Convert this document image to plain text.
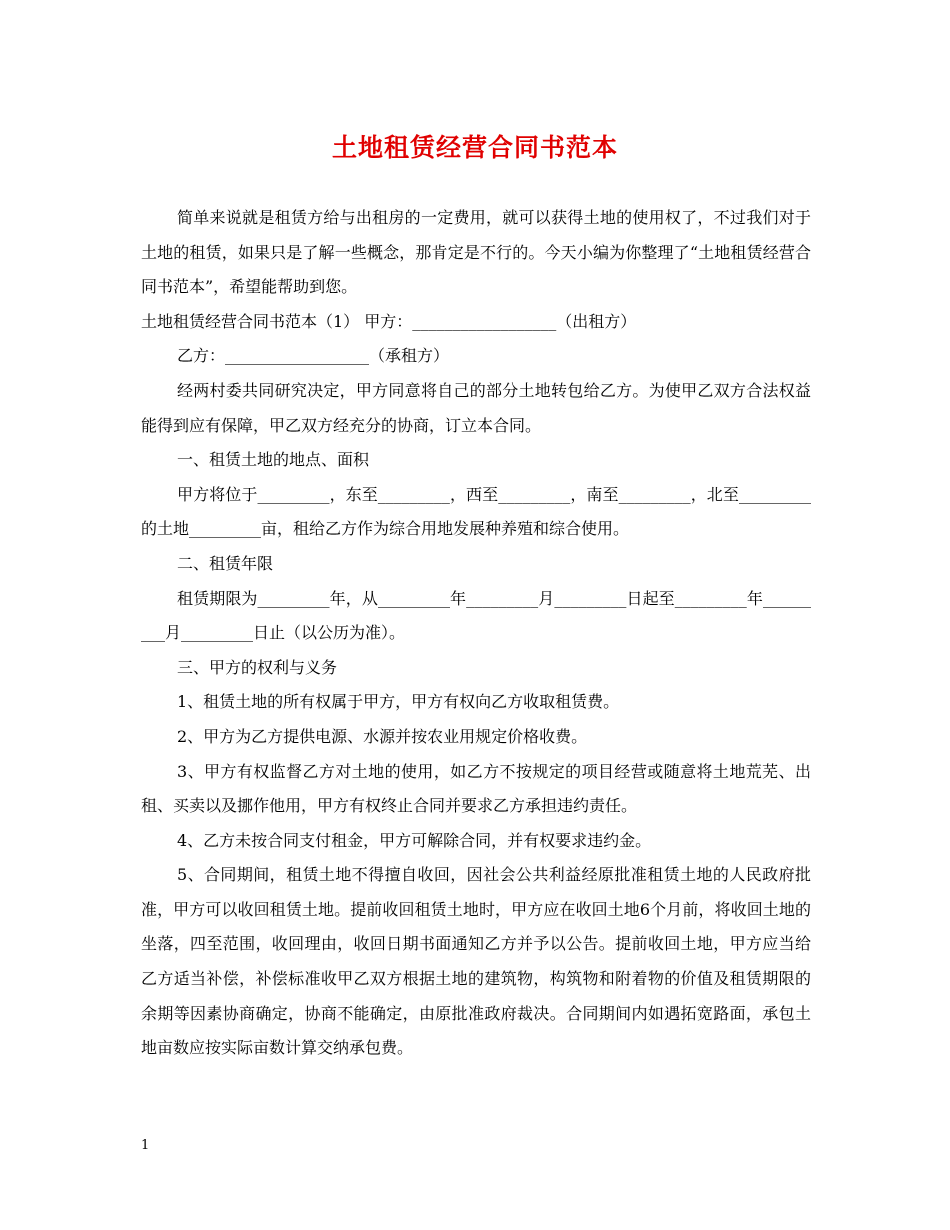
土地租赁经营合同书范本

简单来说就是租赁方给与出租房的一定费用，就可以获得土地的使用权了，不过我们对于土地的租赁，如果只是了解一些概念，那肯定是不行的。今天小编为你整理了“土地租赁经营合同书范本”，希望能帮助到您。

土地租赁经营合同书范本（1） 甲方：__________________（出租方）

乙方：__________________（承租方）

经两村委共同研究决定，甲方同意将自己的部分土地转包给乙方。为使甲乙双方合法权益能得到应有保障，甲乙双方经充分的协商，订立本合同。

一、租赁土地的地点、面积

甲方将位于_________，东至_________，西至_________，南至_________，北至_________的土地_________亩，租给乙方作为综合用地发展种养殖和综合使用。

二、租赁年限

租赁期限为_________年，从_________年_________月_________日起至_________年_________月_________日止（以公历为准）。

三、甲方的权利与义务

1、租赁土地的所有权属于甲方，甲方有权向乙方收取租赁费。

2、甲方为乙方提供电源、水源并按农业用规定价格收费。

3、甲方有权监督乙方对土地的使用，如乙方不按规定的项目经营或随意将土地荒芜、出租、买卖以及挪作他用，甲方有权终止合同并要求乙方承担违约责任。

4、乙方未按合同支付租金，甲方可解除合同，并有权要求违约金。

5、合同期间，租赁土地不得擅自收回，因社会公共利益经原批准租赁土地的人民政府批准，甲方可以收回租赁土地。提前收回租赁土地时，甲方应在收回土地6个月前，将收回土地的坐落，四至范围，收回理由，收回日期书面通知乙方并予以公告。提前收回土地，甲方应当给乙方适当补偿，补偿标准收甲乙双方根据土地的建筑物，构筑物和附着物的价值及租赁期限的余期等因素协商确定，协商不能确定，由原批准政府裁决。合同期间内如遇拓宽路面，承包土地亩数应按实际亩数计算交纳承包费。

1
